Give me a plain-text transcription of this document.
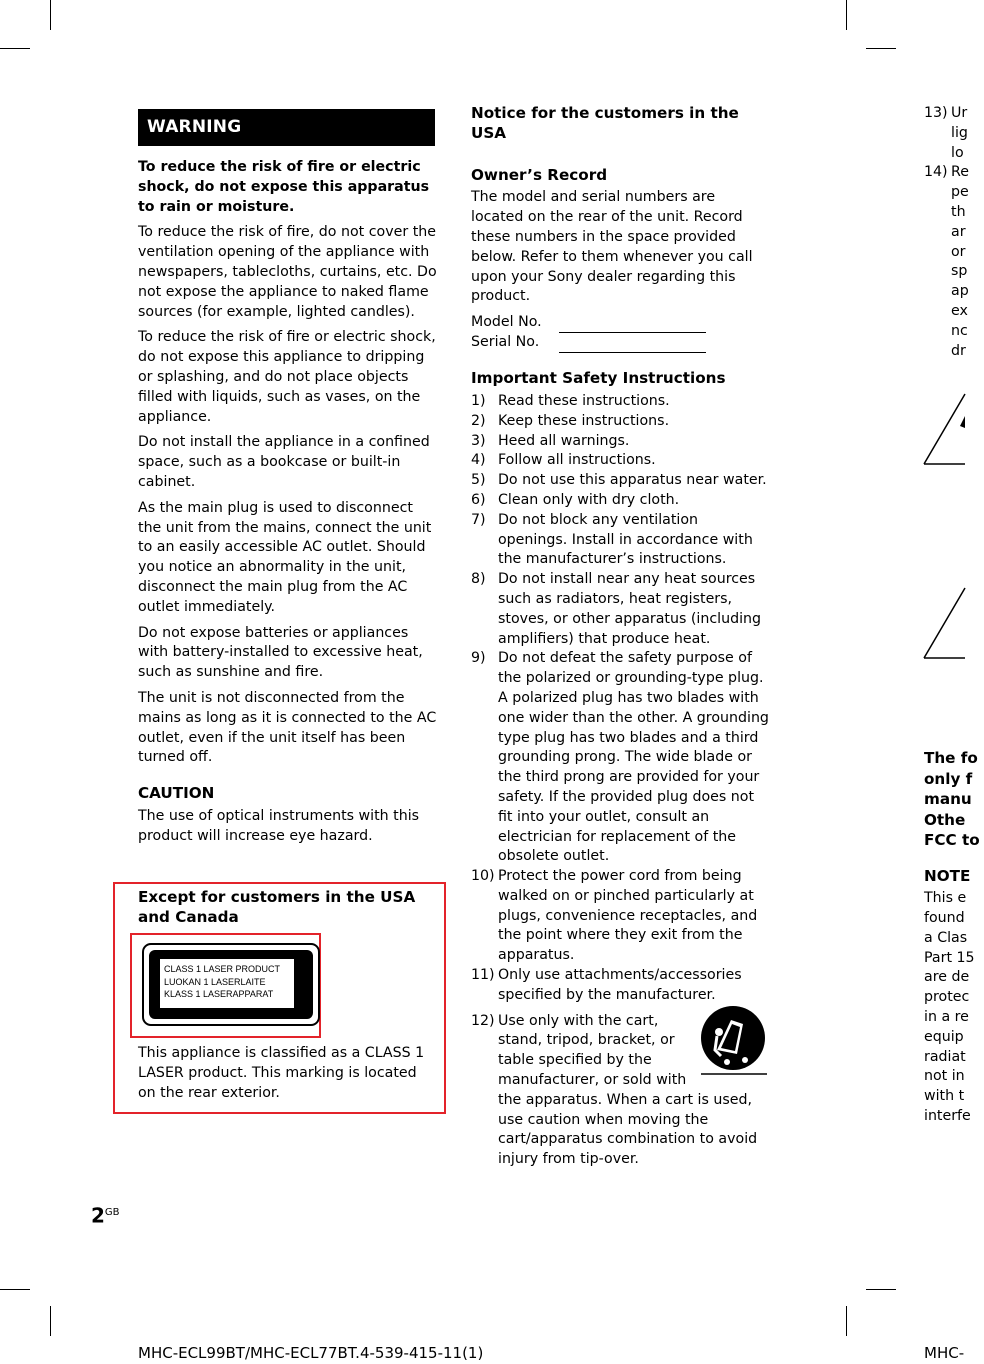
WARNING

To reduce the risk of fire or electric shock, do not expose this apparatus to rain or moisture.

To reduce the risk of fire, do not cover the ventilation opening of the appliance with newspapers, tablecloths, curtains, etc. Do not expose the appliance to naked flame sources (for example, lighted candles).

To reduce the risk of fire or electric shock, do not expose this appliance to dripping or splashing, and do not place objects filled with liquids, such as vases, on the appliance.

Do not install the appliance in a confined space, such as a bookcase or built-in cabinet.

As the main plug is used to disconnect the unit from the mains, connect the unit to an easily accessible AC outlet. Should you notice an abnormality in the unit, disconnect the main plug from the AC outlet immediately.

Do not expose batteries or appliances with battery-installed to excessive heat, such as sunshine and fire.

The unit is not disconnected from the mains as long as it is connected to the AC outlet, even if the unit itself has been turned off.

CAUTION

The use of optical instruments with this product will increase eye hazard.

Except for customers in the USA and Canada

CLASS 1 LASER PRODUCT
LUOKAN 1 LASERLAITE
KLASS 1 LASERAPPARAT

This appliance is classified as a CLASS 1 LASER product. This marking is located on the rear exterior.

Notice for the customers in the USA

Owner’s Record

The model and serial numbers are located on the rear of the unit. Record these numbers in the space provided below. Refer to them whenever you call upon your Sony dealer regarding this product.

Model No.
Serial No.

Important Safety Instructions

1) Read these instructions.
2) Keep these instructions.
3) Heed all warnings.
4) Follow all instructions.
5) Do not use this apparatus near water.
6) Clean only with dry cloth.
7) Do not block any ventilation openings. Install in accordance with the manufacturer’s instructions.
8) Do not install near any heat sources such as radiators, heat registers, stoves, or other apparatus (including amplifiers) that produce heat.
9) Do not defeat the safety purpose of the polarized or grounding-type plug. A polarized plug has two blades with one wider than the other. A grounding type plug has two blades and a third grounding prong. The wide blade or the third prong are provided for your safety. If the provided plug does not fit into your outlet, consult an electrician for replacement of the obsolete outlet.
10) Protect the power cord from being walked on or pinched particularly at plugs, convenience receptacles, and the point where they exit from the apparatus.
11) Only use attachments/accessories specified by the manufacturer.
12) Use only with the cart, stand, tripod, bracket, or table specified by the manufacturer, or sold with the apparatus. When a cart is used, use caution when moving the cart/apparatus combination to avoid injury from tip-over.
$2^{GB}$
MHC-ECL99BT/MHC-ECL77BT.4-539-415-11(1)	MHC-
13) Ur
lig
lo
14) Re
pe
th
ar
or
sp
ap
ex
nc
dr
The fo
only f
manu
Othe
FCC to
NOTE
This e
found
a Clas
Part 15
are de
protec
in a re
equip
radiat
not in
with t
interfe
